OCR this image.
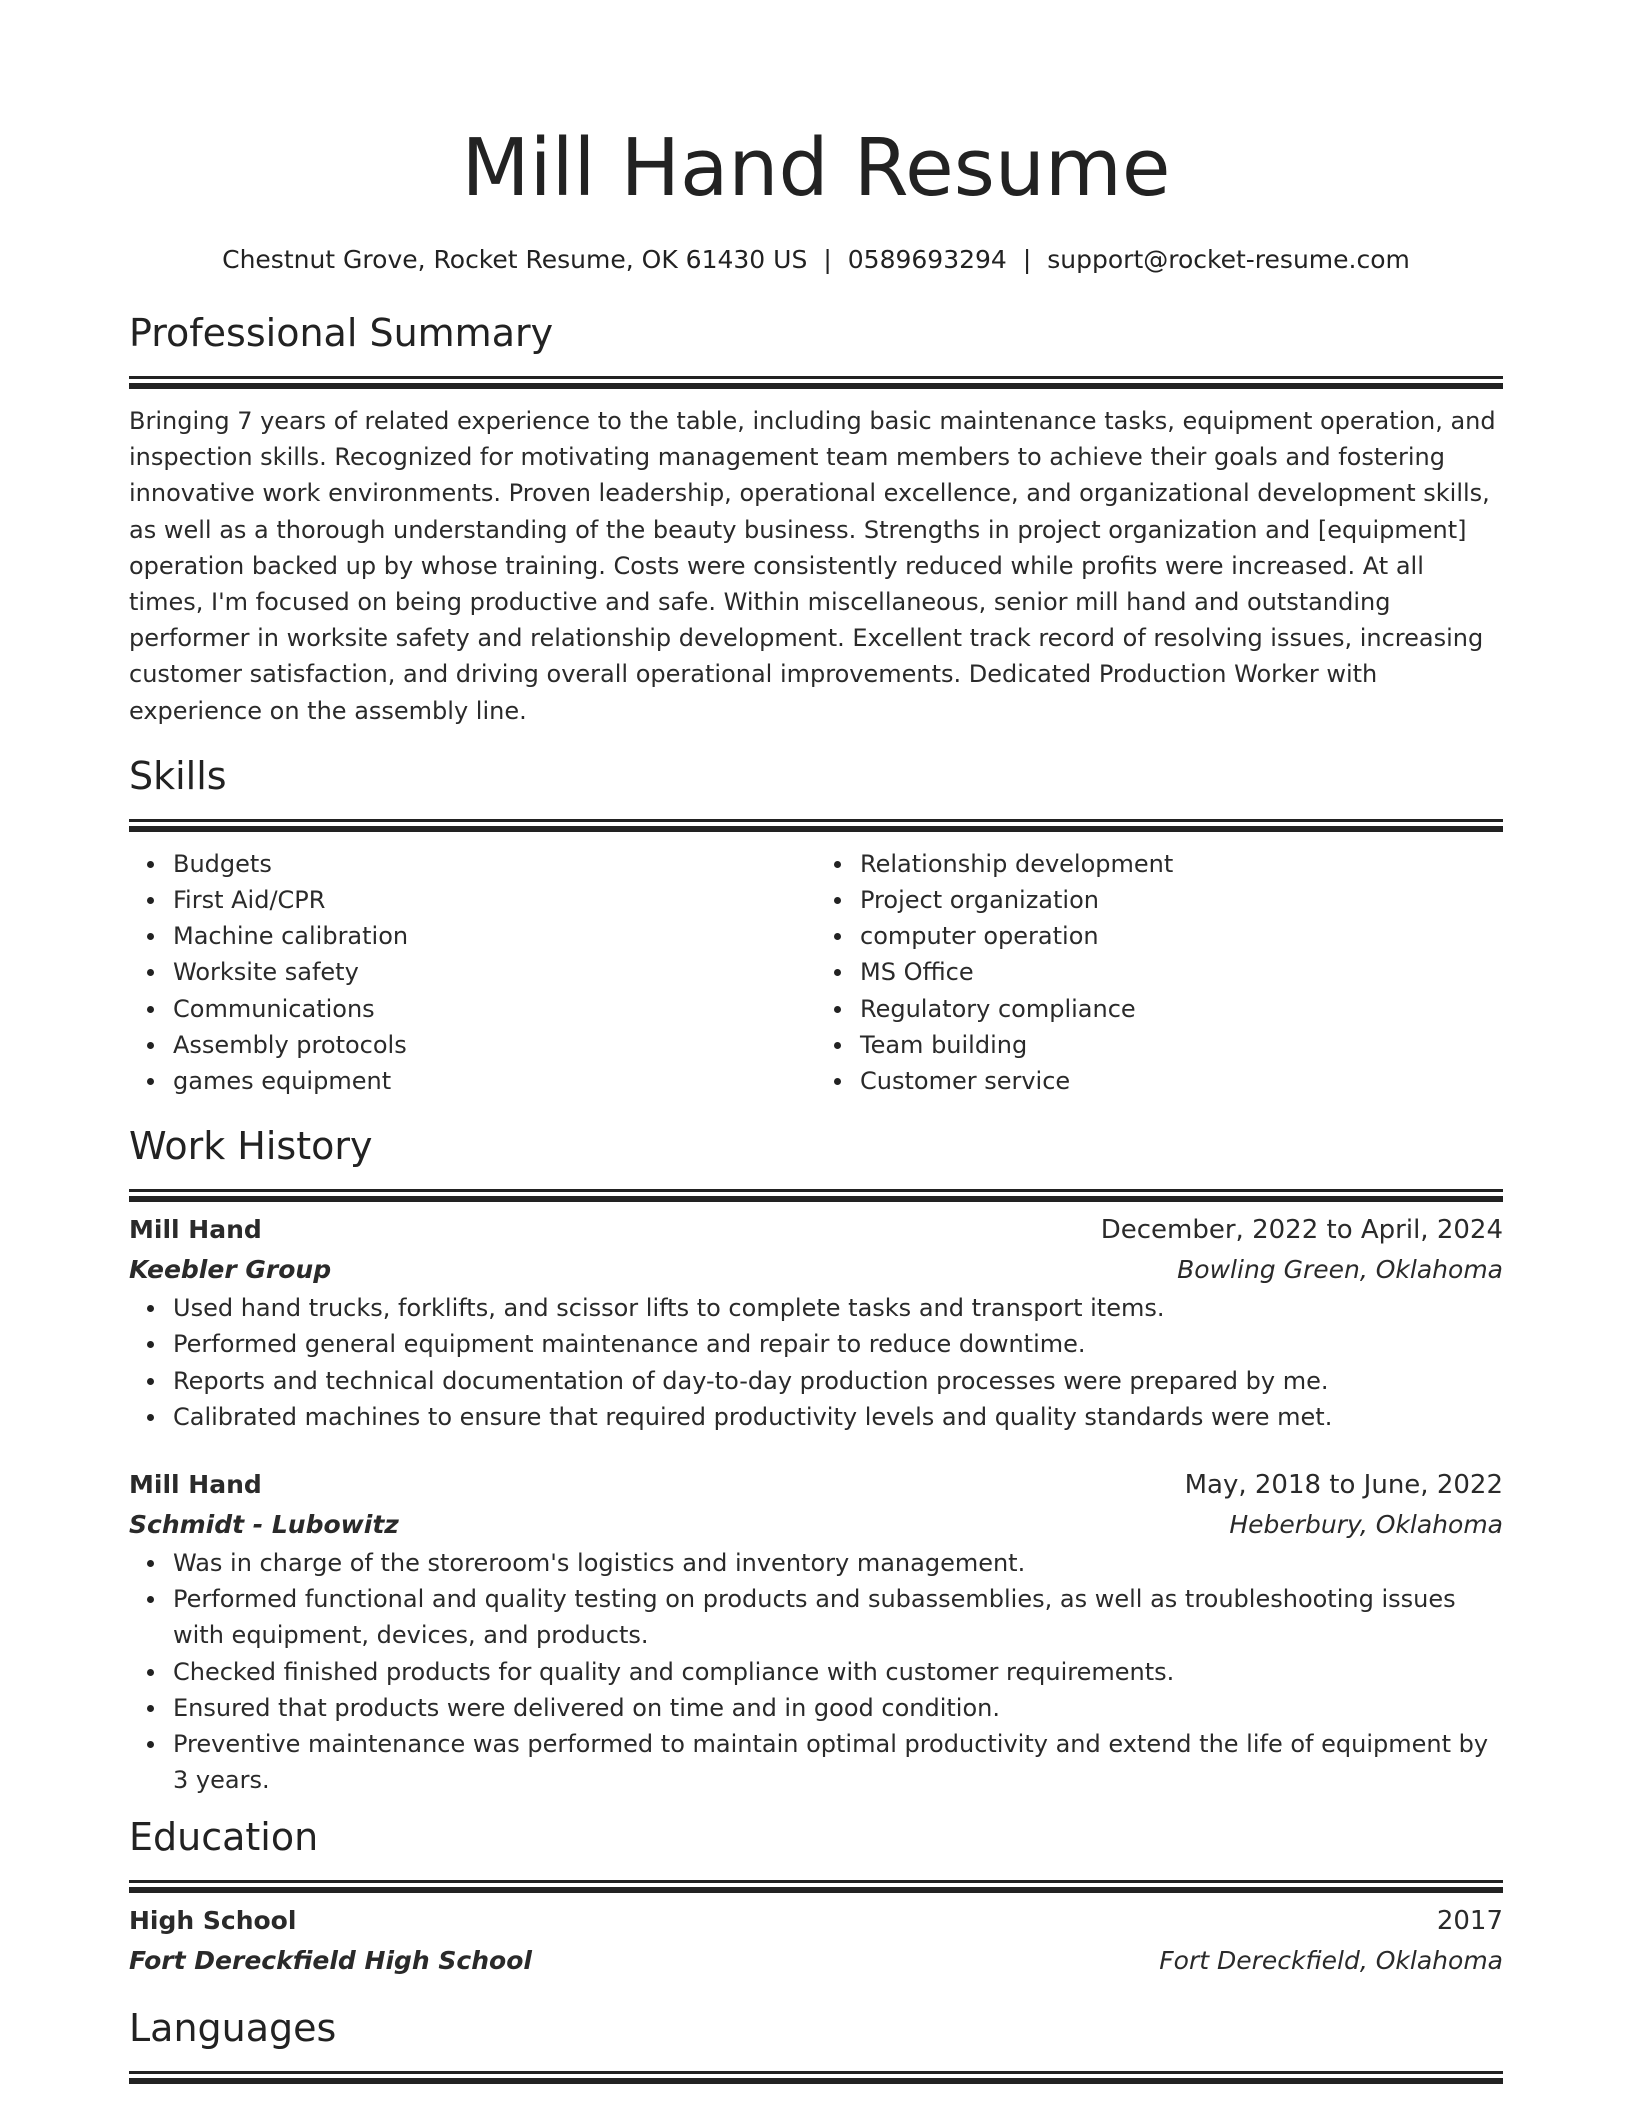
Mill Hand Resume
Chestnut Grove, Rocket Resume, OK 61430 US | 0589693294 | support@rocket-resume.com
Professional Summary

Bringing 7 years of related experience to the table, including basic maintenance tasks, equipment operation, and inspection skills. Recognized for motivating management team members to achieve their goals and fostering innovative work environments. Proven leadership, operational excellence, and organizational development skills, as well as a thorough understanding of the beauty business. Strengths in project organization and [equipment] operation backed up by whose training. Costs were consistently reduced while profits were increased. At all times, I'm focused on being productive and safe. Within miscellaneous, senior mill hand and outstanding performer in worksite safety and relationship development. Excellent track record of resolving issues, increasing customer satisfaction, and driving overall operational improvements. Dedicated Production Worker with experience on the assembly line.

Skills
Budgets
First Aid/CPR
Machine calibration
Worksite safety
Communications
Assembly protocols
games equipment
Relationship development
Project organization
computer operation
MS Office
Regulatory compliance
Team building
Customer service
Work History
Mill Hand	December, 2022 to April, 2024
Keebler Group	Bowling Green, Oklahoma
Used hand trucks, forklifts, and scissor lifts to complete tasks and transport items.
Performed general equipment maintenance and repair to reduce downtime.
Reports and technical documentation of day-to-day production processes were prepared by me.
Calibrated machines to ensure that required productivity levels and quality standards were met.
Mill Hand	May, 2018 to June, 2022
Schmidt - Lubowitz	Heberbury, Oklahoma
Was in charge of the storeroom's logistics and inventory management.
Performed functional and quality testing on products and subassemblies, as well as troubleshooting issues with equipment, devices, and products.
Checked finished products for quality and compliance with customer requirements.
Ensured that products were delivered on time and in good condition.
Preventive maintenance was performed to maintain optimal productivity and extend the life of equipment by 3 years.
Education
High School	2017
Fort Dereckfield High School	Fort Dereckfield, Oklahoma
Languages
